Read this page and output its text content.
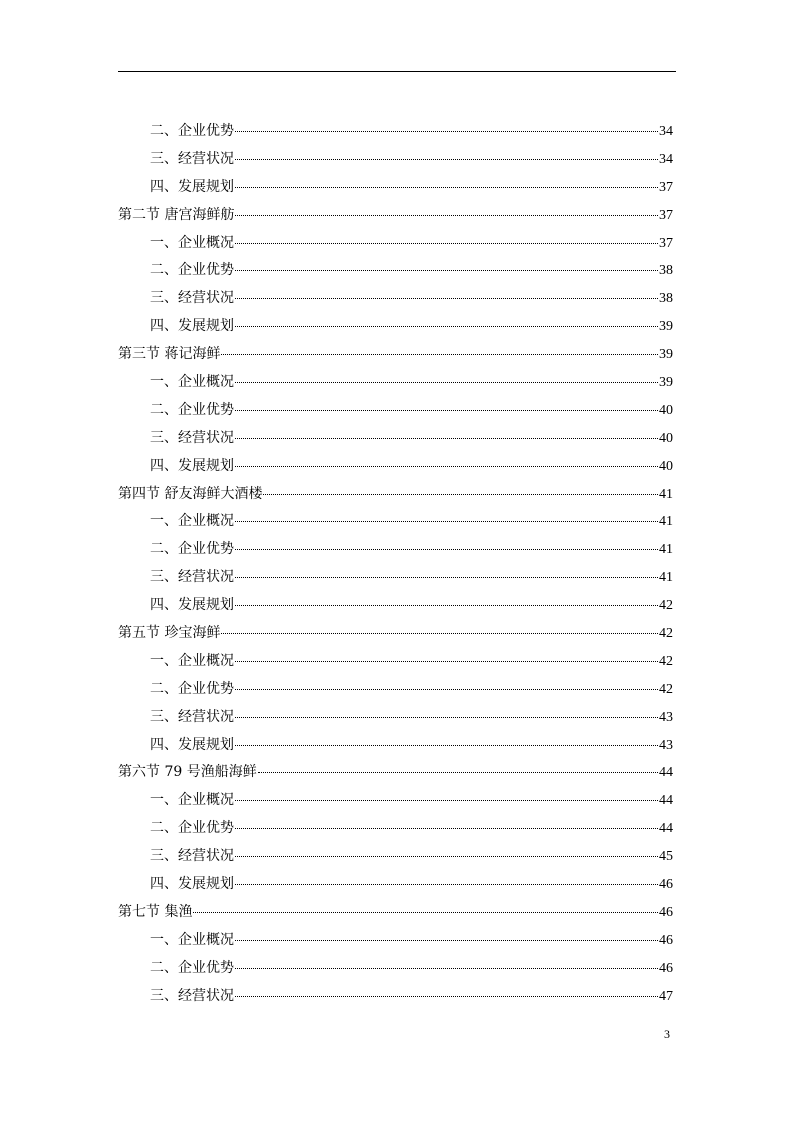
二、企业优势	34
三、经营状况	34
四、发展规划	37
第二节 唐宫海鲜舫	37
一、企业概况	37
二、企业优势	38
三、经营状况	38
四、发展规划	39
第三节 蒋记海鲜	39
一、企业概况	39
二、企业优势	40
三、经营状况	40
四、发展规划	40
第四节 舒友海鲜大酒楼	41
一、企业概况	41
二、企业优势	41
三、经营状况	41
四、发展规划	42
第五节 珍宝海鲜	42
一、企业概况	42
二、企业优势	42
三、经营状况	43
四、发展规划	43
第六节 79 号渔船海鲜	44
一、企业概况	44
二、企业优势	44
三、经营状况	45
四、发展规划	46
第七节 集渔	46
一、企业概况	46
二、企业优势	46
三、经营状况	47
3
